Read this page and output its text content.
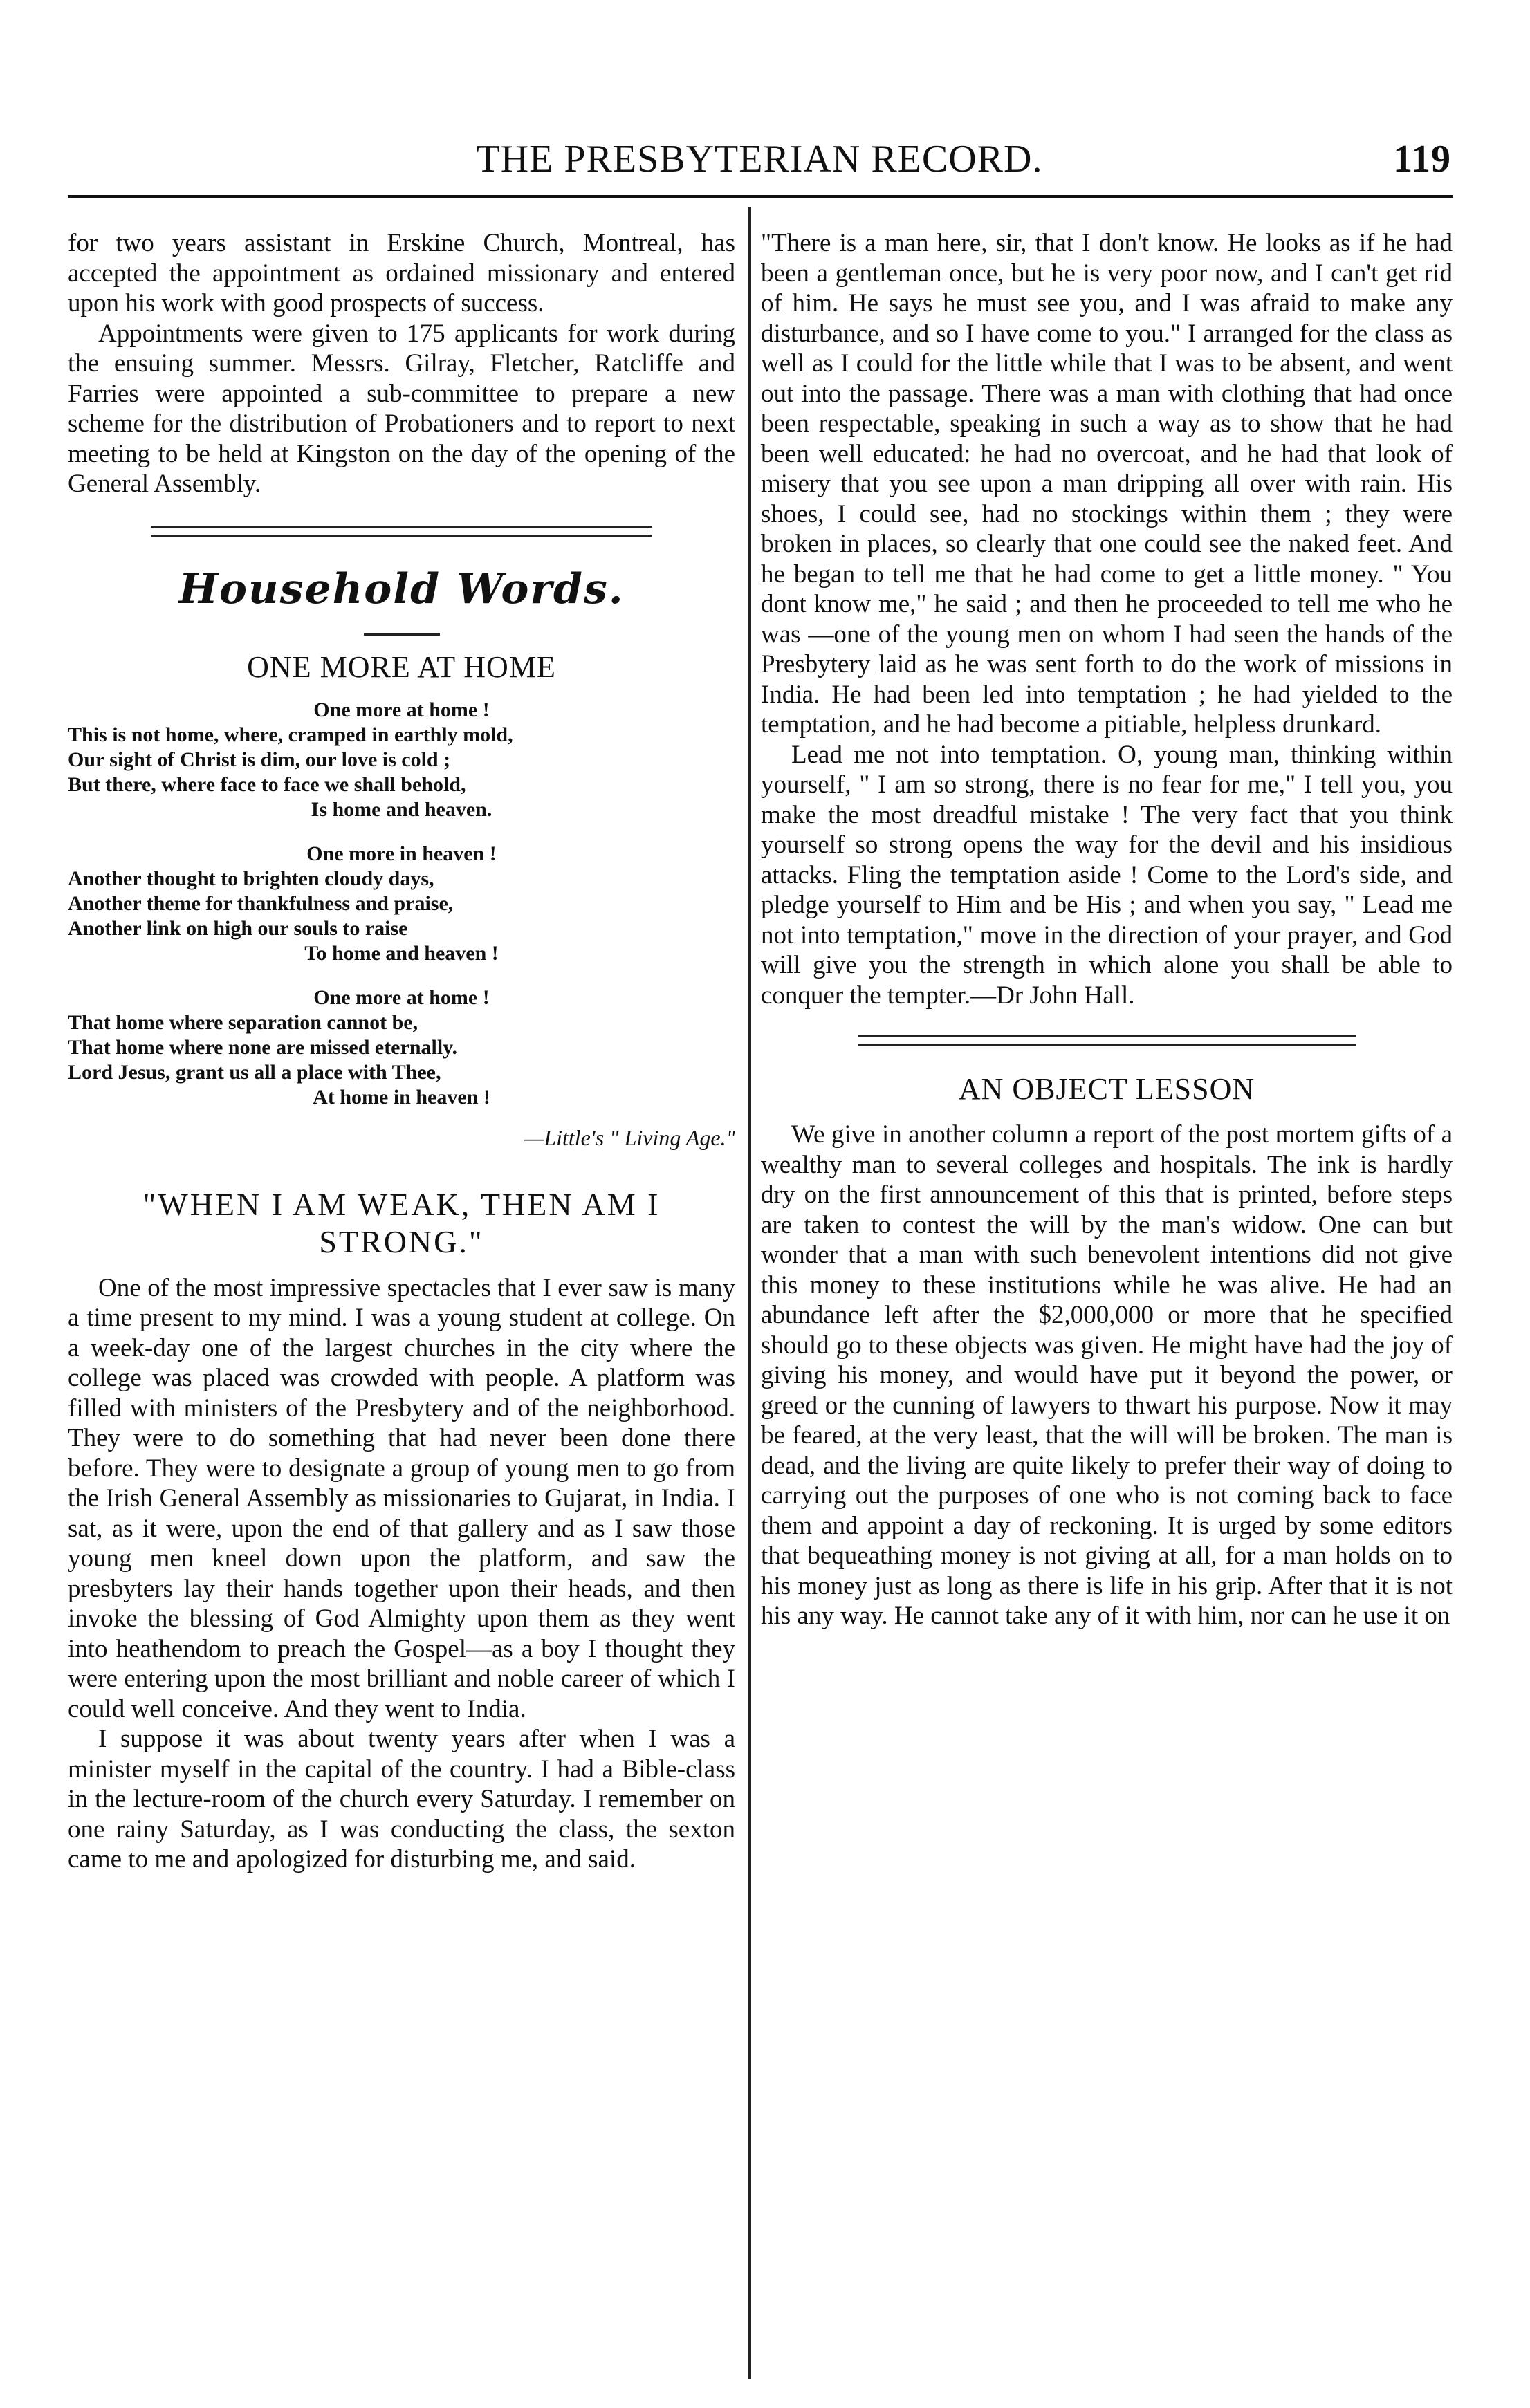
THE PRESBYTERIAN RECORD.	119

for two years assistant in Erskine Church, Montreal, has accepted the appointment as ordained missionary and entered upon his work with good prospects of success.

Appointments were given to 175 applicants for work during the ensuing summer. Messrs. Gilray, Fletcher, Ratcliffe and Farries were appointed a sub-committee to prepare a new scheme for the distribution of Probationers and to report to next meeting to be held at Kingston on the day of the opening of the General Assembly.

Household Words.
ONE MORE AT HOME
One more at home !
This is not home, where, cramped in earthly mold,
Our sight of Christ is dim, our love is cold ;
But there, where face to face we shall behold,
Is home and heaven.
One more in heaven !
Another thought to brighten cloudy days,
Another theme for thankfulness and praise,
Another link on high our souls to raise
To home and heaven !
One more at home !
That home where separation cannot be,
That home where none are missed eternally.
Lord Jesus, grant us all a place with Thee,
At home in heaven !
—Little's " Living Age."
"WHEN I AM WEAK, THEN AM I STRONG."

One of the most impressive spectacles that I ever saw is many a time present to my mind. I was a young student at college. On a week-day one of the largest churches in the city where the college was placed was crowded with people. A platform was filled with ministers of the Presbytery and of the neighborhood. They were to do something that had never been done there before. They were to designate a group of young men to go from the Irish General Assembly as missionaries to Gujarat, in India. I sat, as it were, upon the end of that gallery and as I saw those young men kneel down upon the platform, and saw the presbyters lay their hands together upon their heads, and then invoke the blessing of God Almighty upon them as they went into heathendom to preach the Gospel—as a boy I thought they were entering upon the most brilliant and noble career of which I could well conceive. And they went to India.

I suppose it was about twenty years after when I was a minister myself in the capital of the country. I had a Bible-class in the lecture-room of the church every Saturday. I remember on one rainy Saturday, as I was conducting the class, the sexton came to me and apologized for disturbing me, and said.

"There is a man here, sir, that I don't know. He looks as if he had been a gentleman once, but he is very poor now, and I can't get rid of him. He says he must see you, and I was afraid to make any disturbance, and so I have come to you." I arranged for the class as well as I could for the little while that I was to be absent, and went out into the passage. There was a man with clothing that had once been respectable, speaking in such a way as to show that he had been well educated: he had no overcoat, and he had that look of misery that you see upon a man dripping all over with rain. His shoes, I could see, had no stockings within them ; they were broken in places, so clearly that one could see the naked feet. And he began to tell me that he had come to get a little money. " You dont know me," he said ; and then he proceeded to tell me who he was —one of the young men on whom I had seen the hands of the Presbytery laid as he was sent forth to do the work of missions in India. He had been led into temptation ; he had yielded to the temptation, and he had become a pitiable, helpless drunkard.

Lead me not into temptation. O, young man, thinking within yourself, " I am so strong, there is no fear for me," I tell you, you make the most dreadful mistake ! The very fact that you think yourself so strong opens the way for the devil and his insidious attacks. Fling the temptation aside ! Come to the Lord's side, and pledge yourself to Him and be His ; and when you say, " Lead me not into temptation," move in the direction of your prayer, and God will give you the strength in which alone you shall be able to conquer the tempter.—Dr John Hall.

AN OBJECT LESSON

We give in another column a report of the post mortem gifts of a wealthy man to several colleges and hospitals. The ink is hardly dry on the first announcement of this that is printed, before steps are taken to contest the will by the man's widow. One can but wonder that a man with such benevolent intentions did not give this money to these institutions while he was alive. He had an abundance left after the $2,000,000 or more that he specified should go to these objects was given. He might have had the joy of giving his money, and would have put it beyond the power, or greed or the cunning of lawyers to thwart his purpose. Now it may be feared, at the very least, that the will will be broken. The man is dead, and the living are quite likely to prefer their way of doing to carrying out the purposes of one who is not coming back to face them and appoint a day of reckoning. It is urged by some editors that bequeathing money is not giving at all, for a man holds on to his money just as long as there is life in his grip. After that it is not his any way. He cannot take any of it with him, nor can he use it on
